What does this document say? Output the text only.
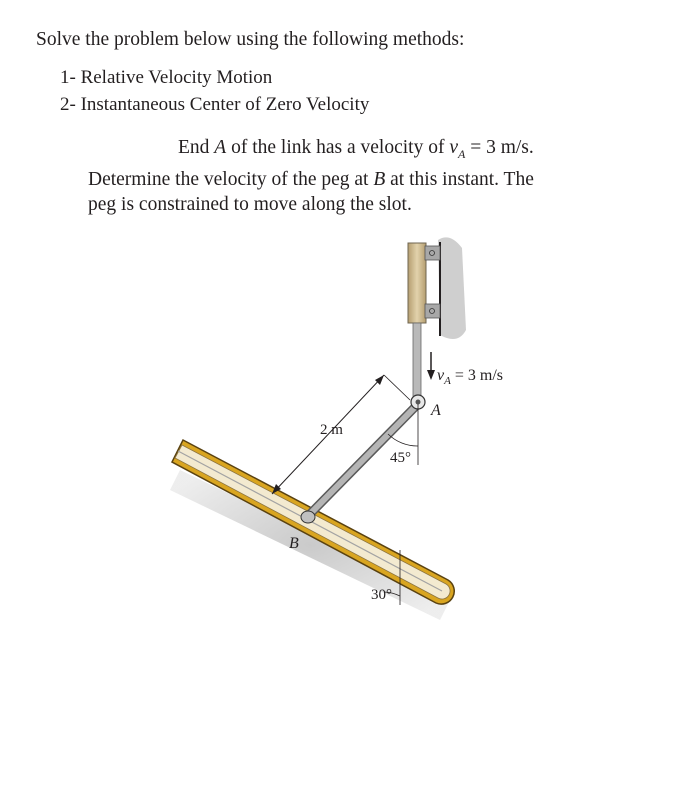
Solve the problem below using the following methods:
1- Relative Velocity Motion
2- Instantaneous Center of Zero Velocity
End A of the link has a velocity of $v_A = 3$ m/s.
Determine the velocity of the peg at B at this instant. The
peg is constrained to move along the slot.
$v_A = 3$ m/s
A
B
2 m
45°
30°
